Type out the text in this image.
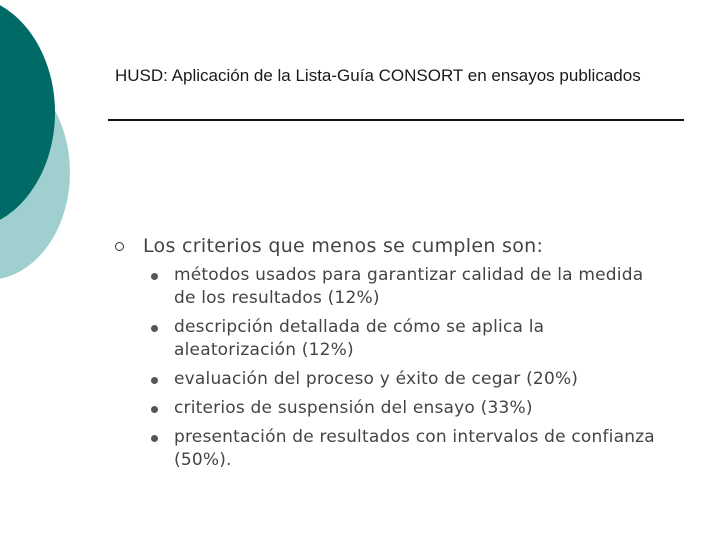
HUSD: Aplicación de la Lista-Guía CONSORT en ensayos publicados
Los criterios que menos se cumplen son:
métodos usados para garantizar calidad de la medida de los resultados (12%)
descripción detallada de cómo se aplica la aleatorización (12%)
evaluación del proceso y éxito de cegar (20%)
criterios de suspensión del ensayo (33%)
presentación de resultados con intervalos de confianza (50%).
